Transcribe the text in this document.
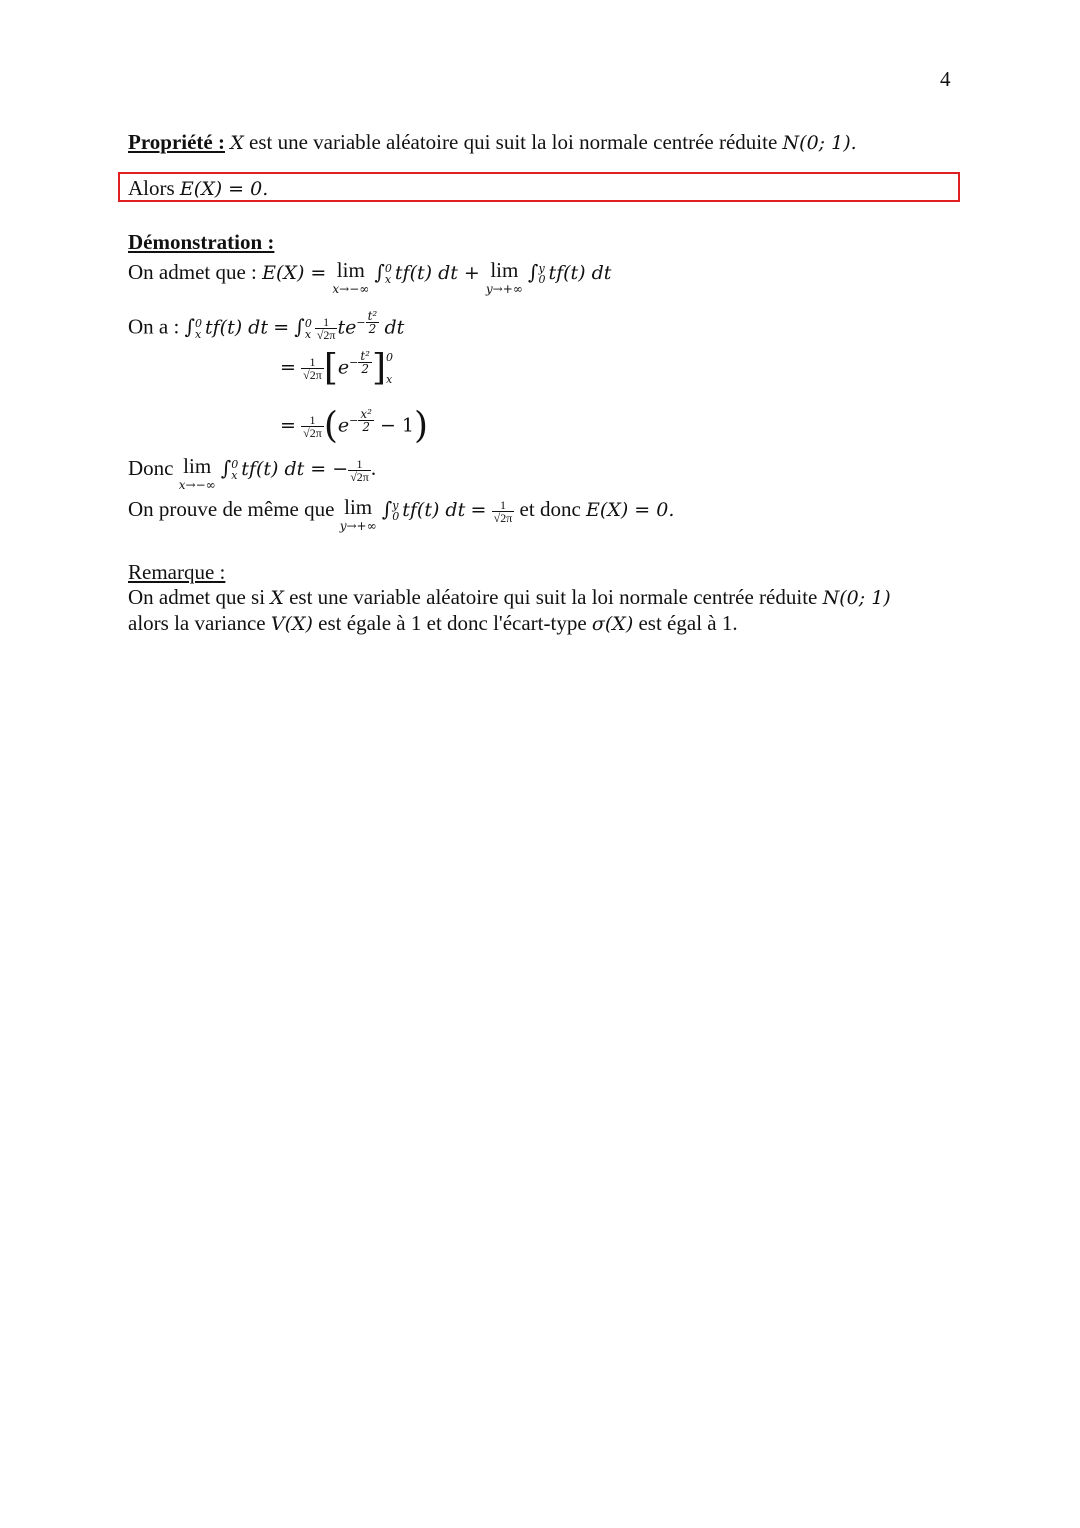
4
Propriété : X est une variable aléatoire qui suit la loi normale centrée réduite N(0; 1).
Alors E(X) = 0.
Démonstration :
On admet que : E(X) = lim
x→−∞
∫ 0
x tf(t) dt + lim
y→+∞
∫ y
0 tf(t) dt
On a : ∫ 0
x tf(t) dt = ∫ 0
x $\frac{1}{√2\pi} te^{- \frac{\text{t²}}{2}}$ dt
= $\frac{1}{√2\pi} [e^{- \frac{\text{t²}}{2}}$ ] 0

x
= $\frac{1}{√2\pi} (e^{- \frac{\text{x²}}{2}} - 1)$
Donc lim
x→−∞
∫ 0
x tf(t) dt = − $\frac{1}{√2\pi}$ .
On prouve de même que lim
y→+∞
∫ y
0 tf(t) dt = $\frac{1}{√2\pi}$ et donc E(X) = 0.
Remarque :
On admet que si X est une variable aléatoire qui suit la loi normale centrée réduite N(0; 1)
alors la variance V(X) est égale à 1 et donc l'écart-type σ(X) est égal à 1.
